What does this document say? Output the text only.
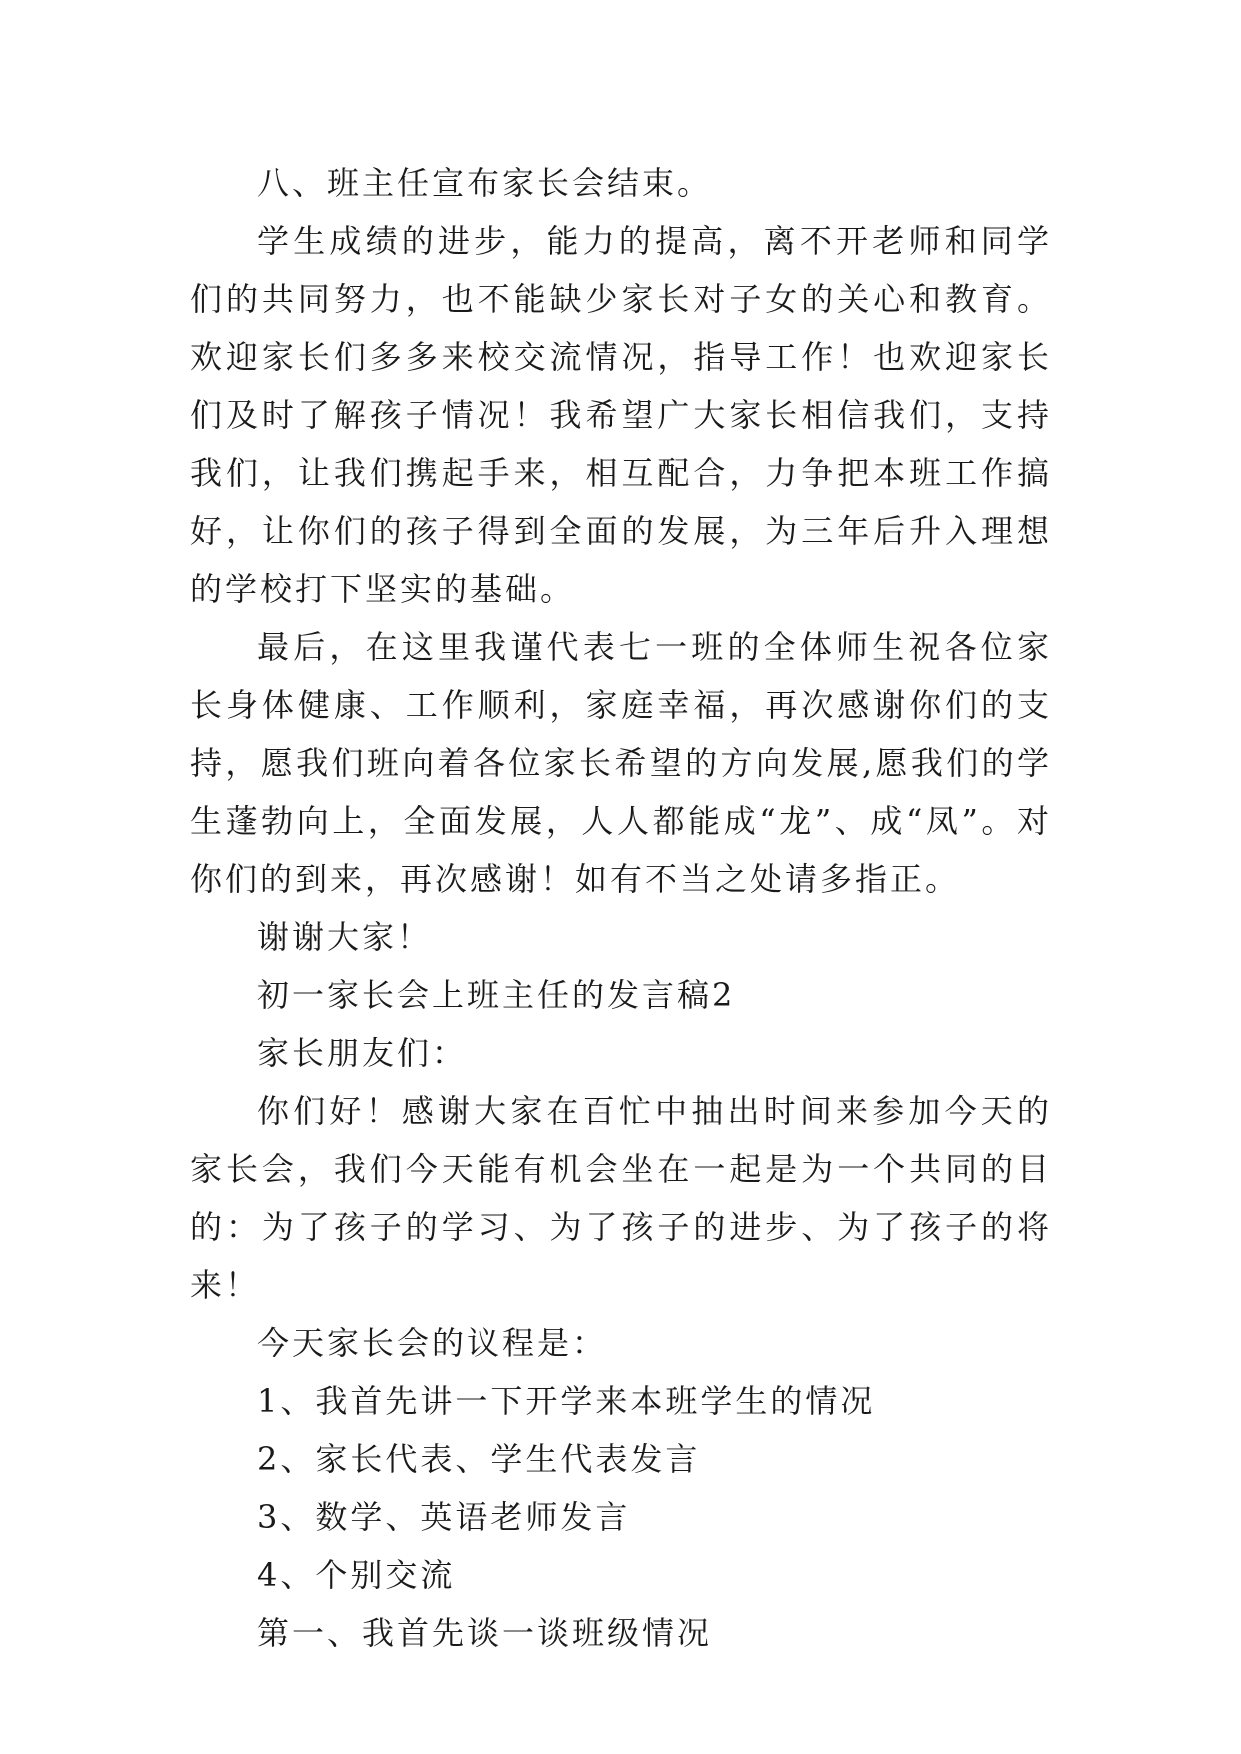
八、班主任宣布家长会结束。

学生成绩的进步，能力的提高，离不开老师和同学们的共同努力，也不能缺少家长对子女的关心和教育。欢迎家长们多多来校交流情况，指导工作！也欢迎家长们及时了解孩子情况！我希望广大家长相信我们，支持我们，让我们携起手来，相互配合，力争把本班工作搞好，让你们的孩子得到全面的发展，为三年后升入理想的学校打下坚实的基础。

最后，在这里我谨代表七一班的全体师生祝各位家长身体健康、工作顺利，家庭幸福，再次感谢你们的支持，愿我们班向着各位家长希望的方向发展,愿我们的学生蓬勃向上，全面发展，人人都能成“龙”、成“凤”。对你们的到来，再次感谢！如有不当之处请多指正。

谢谢大家！

初一家长会上班主任的发言稿2

家长朋友们：

你们好！感谢大家在百忙中抽出时间来参加今天的家长会，我们今天能有机会坐在一起是为一个共同的目的：为了孩子的学习、为了孩子的进步、为了孩子的将来！

今天家长会的议程是：

1、我首先讲一下开学来本班学生的情况

2、家长代表、学生代表发言

3、数学、英语老师发言

4、个别交流

第一、我首先谈一谈班级情况
